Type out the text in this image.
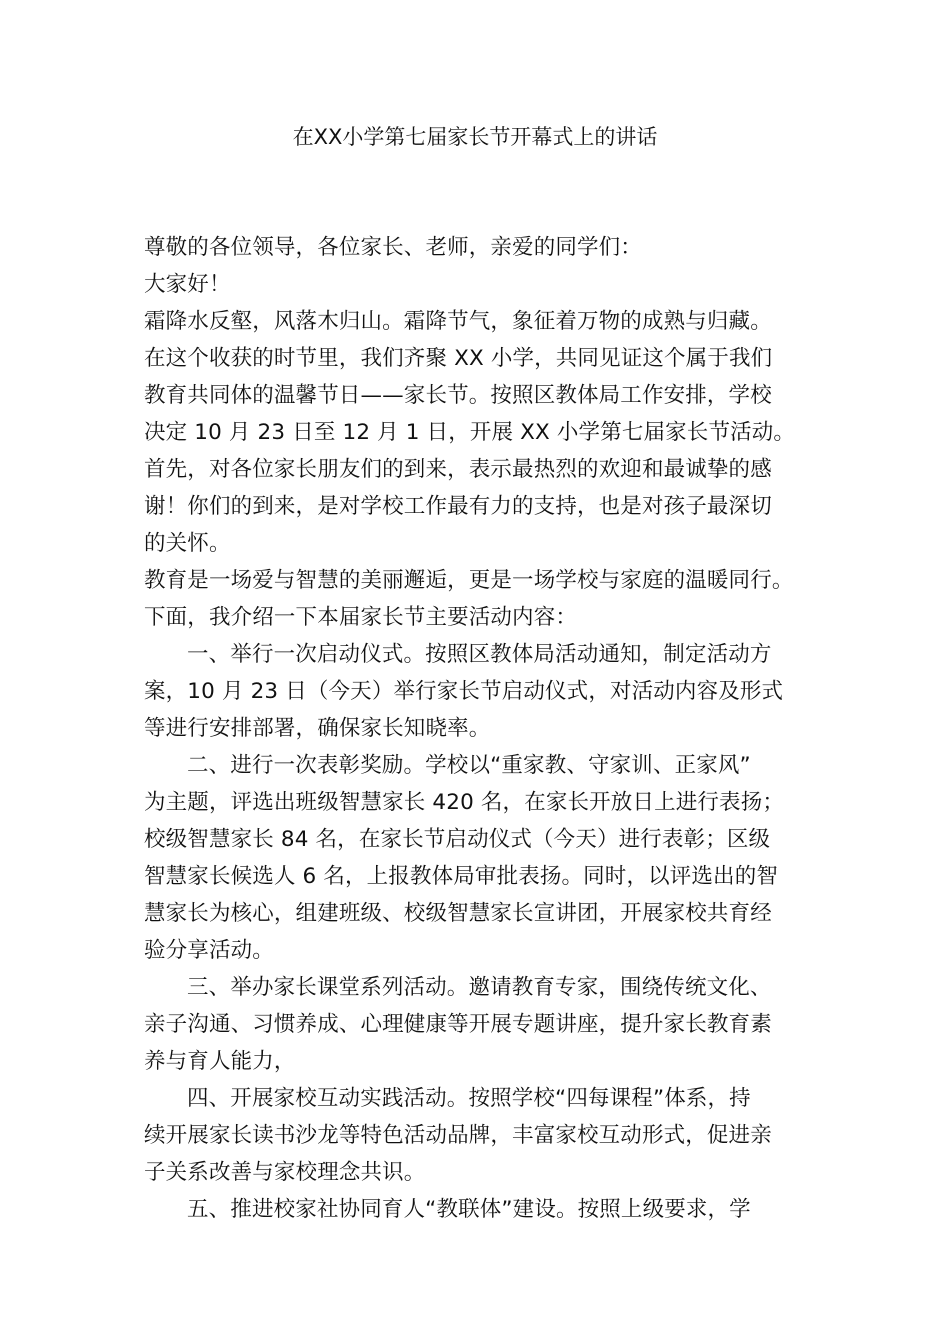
在XX小学第七届家长节开幕式上的讲话
尊敬的各位领导，各位家长、老师，亲爱的同学们：
大家好！
霜降水反壑，风落木归山。霜降节气，象征着万物的成熟与归藏。
在这个收获的时节里，我们齐聚 XX 小学，共同见证这个属于我们
教育共同体的温馨节日——家长节。按照区教体局工作安排，学校
决定 10 月 23 日至 12 月 1 日，开展 XX 小学第七届家长节活动。
首先，对各位家长朋友们的到来，表示最热烈的欢迎和最诚挚的感
谢！你们的到来，是对学校工作最有力的支持，也是对孩子最深切
的关怀。
教育是一场爱与智慧的美丽邂逅，更是一场学校与家庭的温暖同行。
下面，我介绍一下本届家长节主要活动内容：
一、举行一次启动仪式。按照区教体局活动通知，制定活动方
案，10 月 23 日（今天）举行家长节启动仪式，对活动内容及形式
等进行安排部署，确保家长知晓率。
二、进行一次表彰奖励。学校以“重家教、守家训、正家风”
为主题，评选出班级智慧家长 420 名，在家长开放日上进行表扬；
校级智慧家长 84 名，在家长节启动仪式（今天）进行表彰；区级
智慧家长候选人 6 名，上报教体局审批表扬。同时，以评选出的智
慧家长为核心，组建班级、校级智慧家长宣讲团，开展家校共育经
验分享活动。
三、举办家长课堂系列活动。邀请教育专家，围绕传统文化、
亲子沟通、习惯养成、心理健康等开展专题讲座，提升家长教育素
养与育人能力，
四、开展家校互动实践活动。按照学校“四每课程”体系，持
续开展家长读书沙龙等特色活动品牌，丰富家校互动形式，促进亲
子关系改善与家校理念共识。
五、推进校家社协同育人“教联体”建设。按照上级要求，学
